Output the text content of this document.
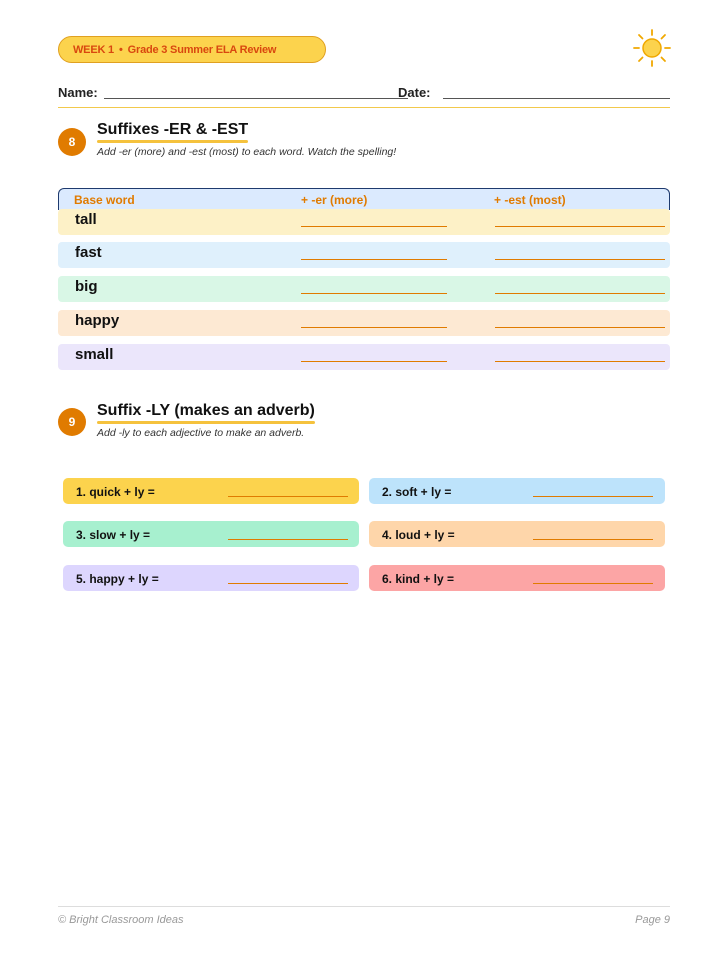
WEEK 1 • Grade 3 Summer ELA Review
Name:	Date:
8
Suffixes -ER & -EST
Add -er (more) and -est (most) to each word. Watch the spelling!
Base word	+ -er (more)	+ -est (most)
tall
fast
big
happy
small
9
Suffix -LY (makes an adverb)
Add -ly to each adjective to make an adverb.
1. quick + ly =	2. soft + ly =
3. slow + ly =	4. loud + ly =
5. happy + ly =	6. kind + ly =
© Bright Classroom Ideas	Page 9
